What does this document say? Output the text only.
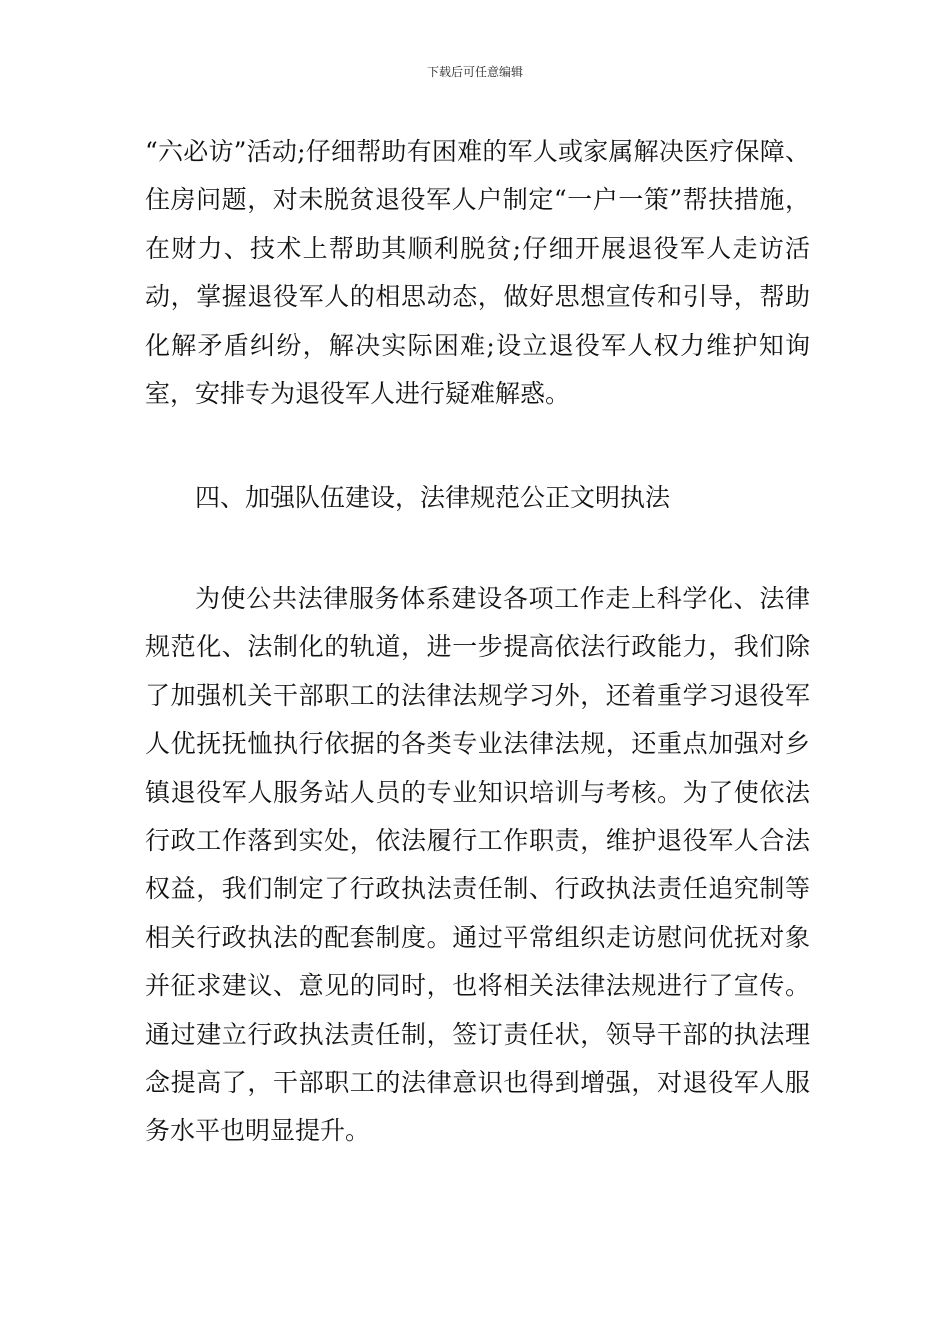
下载后可任意编辑

“六必访”活动;仔细帮助有困难的军人或家属解决医疗保障、住房问题，对未脱贫退役军人户制定“一户一策”帮扶措施，在财力、技术上帮助其顺利脱贫;仔细开展退役军人走访活动，掌握退役军人的相思动态，做好思想宣传和引导，帮助化解矛盾纠纷，解决实际困难;设立退役军人权力维护知询室，安排专为退役军人进行疑难解惑。

四、加强队伍建设，法律规范公正文明执法

为使公共法律服务体系建设各项工作走上科学化、法律规范化、法制化的轨道，进一步提高依法行政能力，我们除了加强机关干部职工的法律法规学习外，还着重学习退役军人优抚抚恤执行依据的各类专业法律法规，还重点加强对乡镇退役军人服务站人员的专业知识培训与考核。为了使依法行政工作落到实处，依法履行工作职责，维护退役军人合法权益，我们制定了行政执法责任制、行政执法责任追究制等相关行政执法的配套制度。通过平常组织走访慰问优抚对象并征求建议、意见的同时，也将相关法律法规进行了宣传。通过建立行政执法责任制，签订责任状，领导干部的执法理念提高了，干部职工的法律意识也得到增强，对退役军人服务水平也明显提升。
